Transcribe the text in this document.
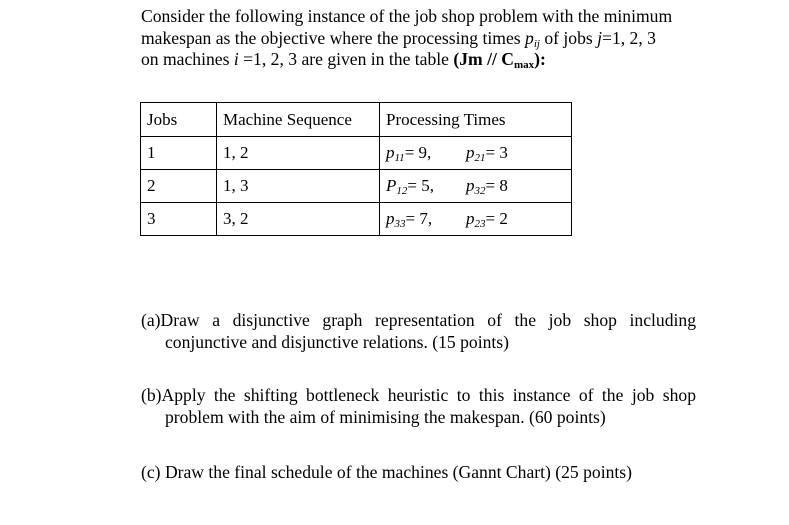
Consider the following instance of the job shop problem with the minimum

makespan as the objective where the processing times $p_{ij}$ of jobs j=1, 2, 3

on machines i =1, 2, 3 are given in the table $(Jm // C_{max})$:

Jobs	Machine Sequence	Processing Times
1	1, 2	$p_{11}= 9$, $p_{21}= 3$
2	1, 3	$P_{12}= 5$, $p_{32}= 8$
3	3, 2	$p_{33}= 7$, $p_{23}= 2$
(a) Draw a disjunctive graph representation of the job shop including
conjunctive and disjunctive relations. (15 points)
(b) Apply the shifting bottleneck heuristic to this instance of the job shop
problem with the aim of minimising the makespan. (60 points)
(c) Draw the final schedule of the machines (Gannt Chart) (25 points)
